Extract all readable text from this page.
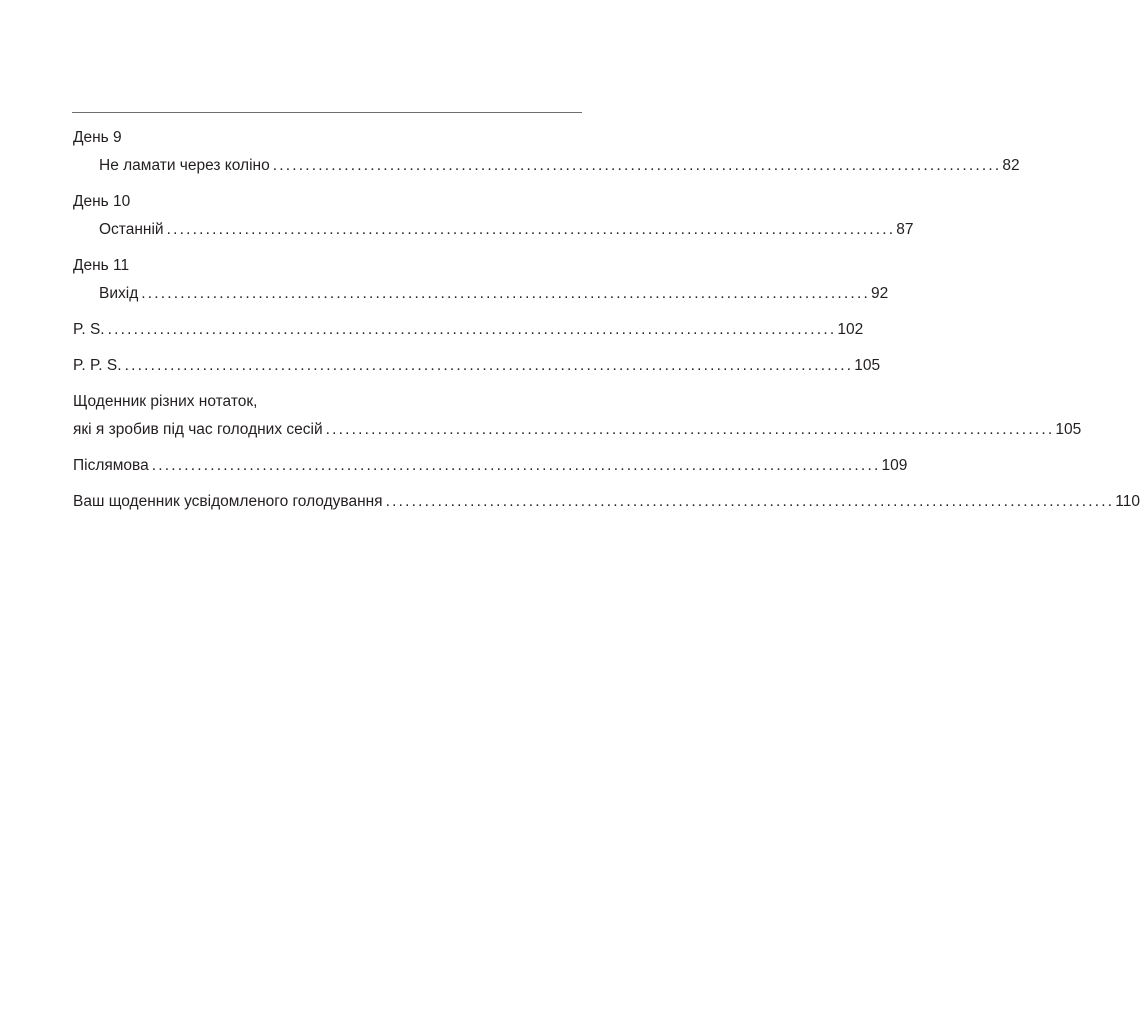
День 9
Не ламати через коліно ................................................................................................................ 82
День 10
Останній ................................................................................................................ 87
День 11
Вихід ................................................................................................................ 92
P. S. ................................................................................................................ 102
P. P. S. ................................................................................................................ 105
Щоденник різних нотаток,
які я зробив під час голодних сесій ................................................................................................................ 105
Післямова ................................................................................................................ 109
Ваш щоденник усвідомленого голодування ................................................................................................................ 110
